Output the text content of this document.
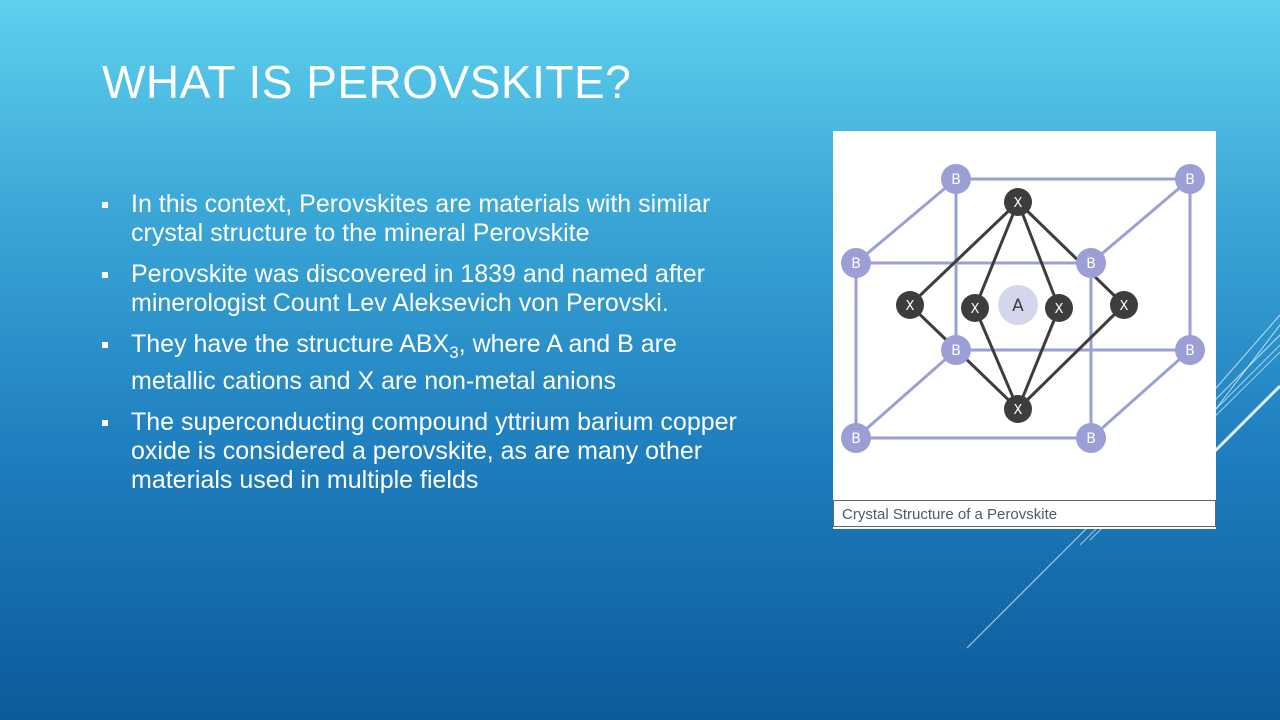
WHAT IS PEROVSKITE?
In this context, Perovskites are materials with similar crystal structure to the mineral Perovskite
Perovskite was discovered in 1839 and named after minerologist Count Lev Aleksevich von Perovski.
They have the structure $ABX_3$, where A and B are metallic cations and X are non-metal anions
The superconducting compound yttrium barium copper oxide is considered a perovskite, as are many other materials used in multiple fields
B	B
B	B
B	B
B	B
A
X
X	X
X	X
X
Crystal Structure of a Perovskite
